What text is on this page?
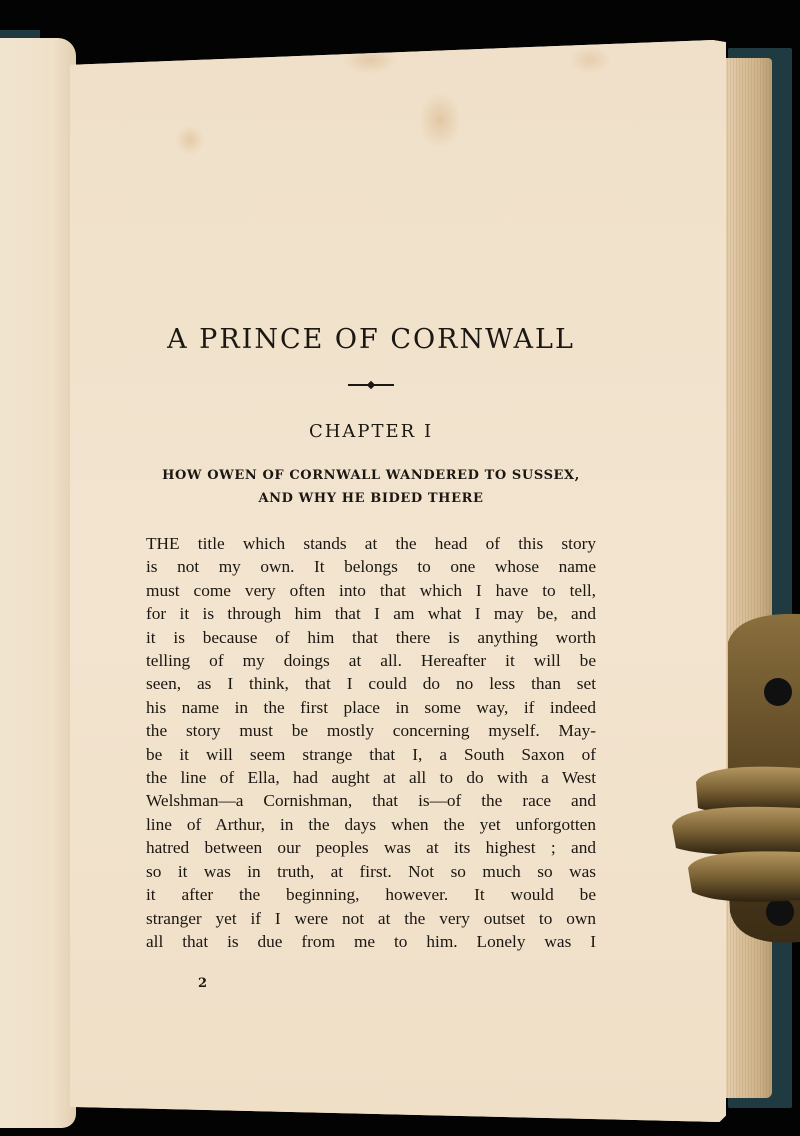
A PRINCE OF CORNWALL
CHAPTER I
HOW OWEN OF CORNWALL WANDERED TO SUSSEX,
AND WHY HE BIDED THERE
THE title which stands at the head of this story
is not my own. It belongs to one whose name
must come very often into that which I have to tell,
for it is through him that I am what I may be, and
it is because of him that there is anything worth
telling of my doings at all. Hereafter it will be
seen, as I think, that I could do no less than set
his name in the first place in some way, if indeed
the story must be mostly concerning myself. May-
be it will seem strange that I, a South Saxon of
the line of Ella, had aught at all to do with a West
Welshman—a Cornishman, that is—of the race and
line of Arthur, in the days when the yet unforgotten
hatred between our peoples was at its highest ; and
so it was in truth, at first. Not so much so was
it after the beginning, however. It would be
stranger yet if I were not at the very outset to own
all that is due from me to him. Lonely was I
2
